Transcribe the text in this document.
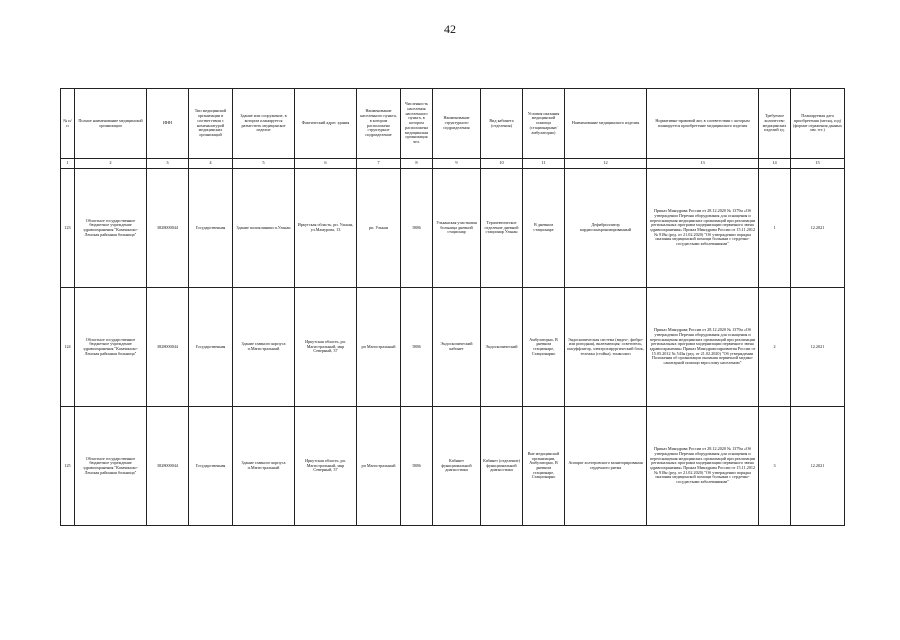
42
№ п/п	Полное наименование медицинской организации	ИНН	Тип медицинской организации в соответствии с номенклатурой медицинских организаций	Здание или сооружение, в котором планируется разместить медицинское изделие	Фактический адрес здания	Наименование населенного пункта, в котором расположено структурное подразделение	Численность населения населенного пункта, в котором расположена медицинская организация чел.	Наименование структурного подразделения	Вид кабинета (отделения)	Условия оказания медицинской помощи (стационарные/амбулаторно)	Наименование медицинского изделия	Нормативно-правовой акт, в соответствии с которым планируется приобретение медицинского изделия	Требуемое количество медицинских изделий ед.	Планируемая дата приобретения (месяц, год) (формат отражения данных мм. ггг.)
1	2	3	4	5	6	7	8	9	10	11	12	13	14	15
123	Областное государственное бюджетное учреждение здравоохранения "Казачинско-Ленская районная больница"	3828000044	Государственная	Здание поликлиники п.Улькан	Иркутская область, рп. Улькан, ул.Мамурова, 13	рп. Улькан	5886	Ульканская участковая больница дневной стационар	Терапевтическое отделение дневной стационар Улькан	В дневном стационаре	Дефибриллятор кардиосинхронизированный	Приказ Минздрава России от 28.12.2020 № 1379н «Об утверждении Перечня оборудования для оснащения и переоснащения медицинских организаций при реализации региональных программ модернизации первичного звена здравоохранения» Приказ Минздрава России от 15.11.2012 № 918н (ред. от 21.02.2020) "Об утверждении порядка оказания медицинской помощи больным с сердечно-сосудистыми заболеваниями"	1	12.2021
124	Областное государственное бюджетное учреждение здравоохранения "Казачинско-Ленская районная больница"	3828000044	Государственная	Здание главного корпуса п.Магистральный	Иркутская область, рп. Магистральный, мкр Северный, 37	рп Магистральный	5886	Эндоскопический кабинет	Эндоскопический	Амбулаторно, В дневном стационаре, Стационарно	Эндоскопическая система (видео-, фибро- или ригидная), включающая: осветитель, инсуффлятор, электрохирургический блок, тележка (стойка), тонкоскоп	Приказ Минздрава России от 28.12.2020 № 1379н «Об утверждении Перечня оборудования для оснащения и переоснащения медицинских организаций при реализации региональных программ модернизации первичного звена здравоохранения» Приказ Минздравсоцразвития России от 15.05.2012 № 543н (ред. от 21.02.2020) "Об утверждении Положения об организации оказания первичной медико-санитарной помощи взрослому населению"	2	12.2021
125	Областное государственное бюджетное учреждение здравоохранения "Казачинско-Ленская районная больница"	3828000044	Государственная	Здание главного корпуса п.Магистральный	Иркутская область, рп. Магистральный, мкр Северный, 37	рп Магистральный	5886	Кабинет функциональной диагностики	Кабинет (отделение) функциональной диагностики	Вне медицинской организации, Амбулаторно, В дневном стационаре, Стационарно	Аппарат холтеровского мониторирования сердечного ритма	Приказ Минздрава России от 28.12.2020 № 1379н «Об утверждении Перечня оборудования для оснащения и переоснащения медицинских организаций при реализации региональных программ модернизации первичного звена здравоохранения» Приказ Минздрава России от 15.11.2012 № 918н (ред. от 21.02.2020) "Об утверждении порядка оказания медицинской помощи больным с сердечно-сосудистыми заболеваниями"	3	12.2021
